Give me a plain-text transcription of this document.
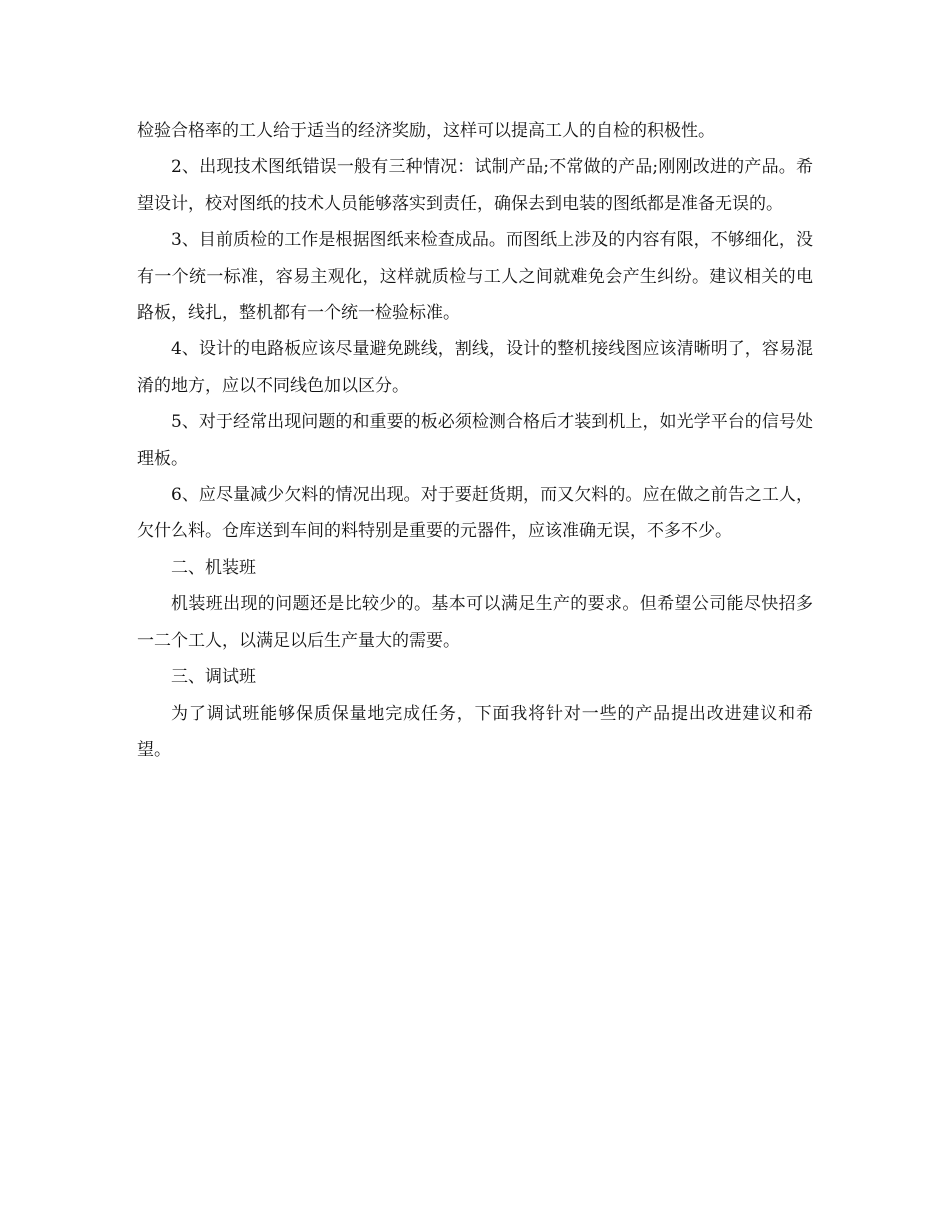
检验合格率的工人给于适当的经济奖励，这样可以提高工人的自检的积极性。

2、出现技术图纸错误一般有三种情况：试制产品;不常做的产品;刚刚改进的产品。希望设计，校对图纸的技术人员能够落实到责任，确保去到电装的图纸都是准备无误的。

3、目前质检的工作是根据图纸来检查成品。而图纸上涉及的内容有限，不够细化，没有一个统一标准，容易主观化，这样就质检与工人之间就难免会产生纠纷。建议相关的电路板，线扎，整机都有一个统一检验标准。

4、设计的电路板应该尽量避免跳线，割线，设计的整机接线图应该清晰明了，容易混淆的地方，应以不同线色加以区分。

5、对于经常出现问题的和重要的板必须检测合格后才装到机上，如光学平台的信号处理板。

6、应尽量减少欠料的情况出现。对于要赶货期，而又欠料的。应在做之前告之工人，欠什么料。仓库送到车间的料特别是重要的元器件，应该准确无误，不多不少。

二、机装班

机装班出现的问题还是比较少的。基本可以满足生产的要求。但希望公司能尽快招多一二个工人，以满足以后生产量大的需要。

三、调试班

为了调试班能够保质保量地完成任务，下面我将针对一些的产品提出改进建议和希望。
